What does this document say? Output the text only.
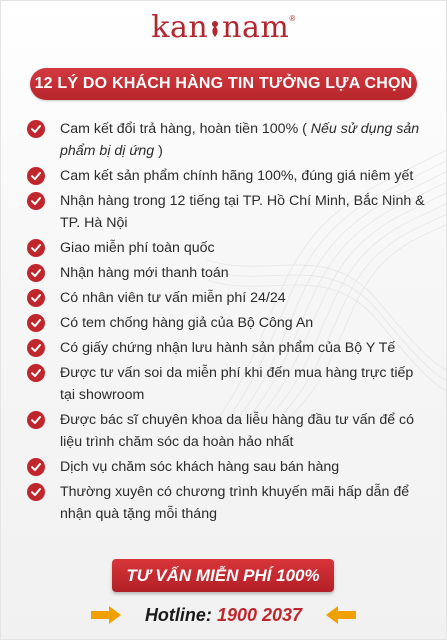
kan nam®
12 LÝ DO KHÁCH HÀNG TIN TƯỞNG LỰA CHỌN
Cam kết đổi trả hàng, hoàn tiền 100% ( Nếu sử dụng sản phẩm bị dị ứng )
Cam kết sản phẩm chính hãng 100%, đúng giá niêm yết
Nhận hàng trong 12 tiếng tại TP. Hồ Chí Minh, Bắc Ninh & TP. Hà Nội
Giao miễn phí toàn quốc
Nhận hàng mới thanh toán
Có nhân viên tư vấn miễn phí 24/24
Có tem chống hàng giả của Bộ Công An
Có giấy chứng nhận lưu hành sản phẩm của Bộ Y Tế
Được tư vấn soi da miễn phí khi đến mua hàng trực tiếp tại showroom
Được bác sĩ chuyên khoa da liễu hàng đầu tư vấn để có liệu trình chăm sóc da hoàn hảo nhất
Dịch vụ chăm sóc khách hàng sau bán hàng
Thường xuyên có chương trình khuyến mãi hấp dẫn để nhận quà tặng mỗi tháng
TƯ VẤN MIỄN PHÍ 100%
Hotline: 1900 2037
